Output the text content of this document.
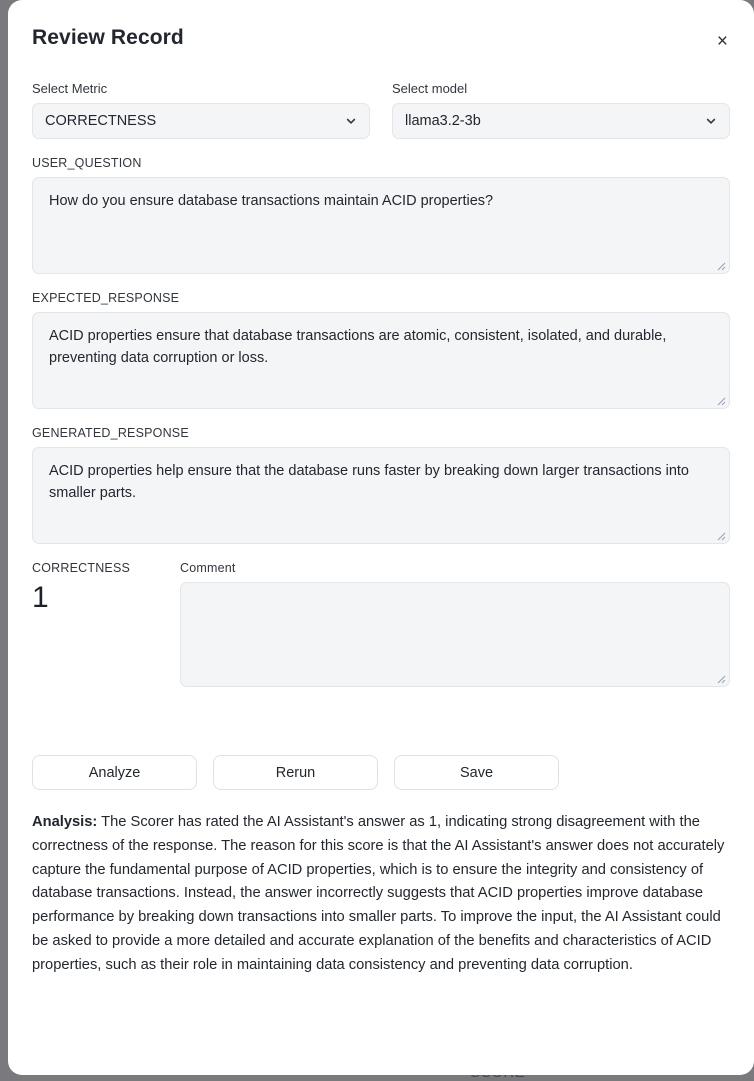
Review Record	×
Select Metric
CORRECTNESS
Select model
llama3.2-3b
USER_QUESTION
How do you ensure database transactions maintain ACID properties?
EXPECTED_RESPONSE
ACID properties ensure that database transactions are atomic, consistent, isolated, and durable, preventing data corruption or loss.
GENERATED_RESPONSE
ACID properties help ensure that the database runs faster by breaking down larger transactions into smaller parts.
CORRECTNESS
1
Comment
Analyze	Rerun	Save

Analysis: The Scorer has rated the AI Assistant's answer as 1, indicating strong disagreement with the correctness of the response. The reason for this score is that the AI Assistant's answer does not accurately capture the fundamental purpose of ACID properties, which is to ensure the integrity and consistency of database transactions. Instead, the answer incorrectly suggests that ACID properties improve database performance by breaking down transactions into smaller parts. To improve the input, the AI Assistant could be asked to provide a more detailed and accurate explanation of the benefits and characteristics of ACID properties, such as their role in maintaining data consistency and preventing data corruption.
